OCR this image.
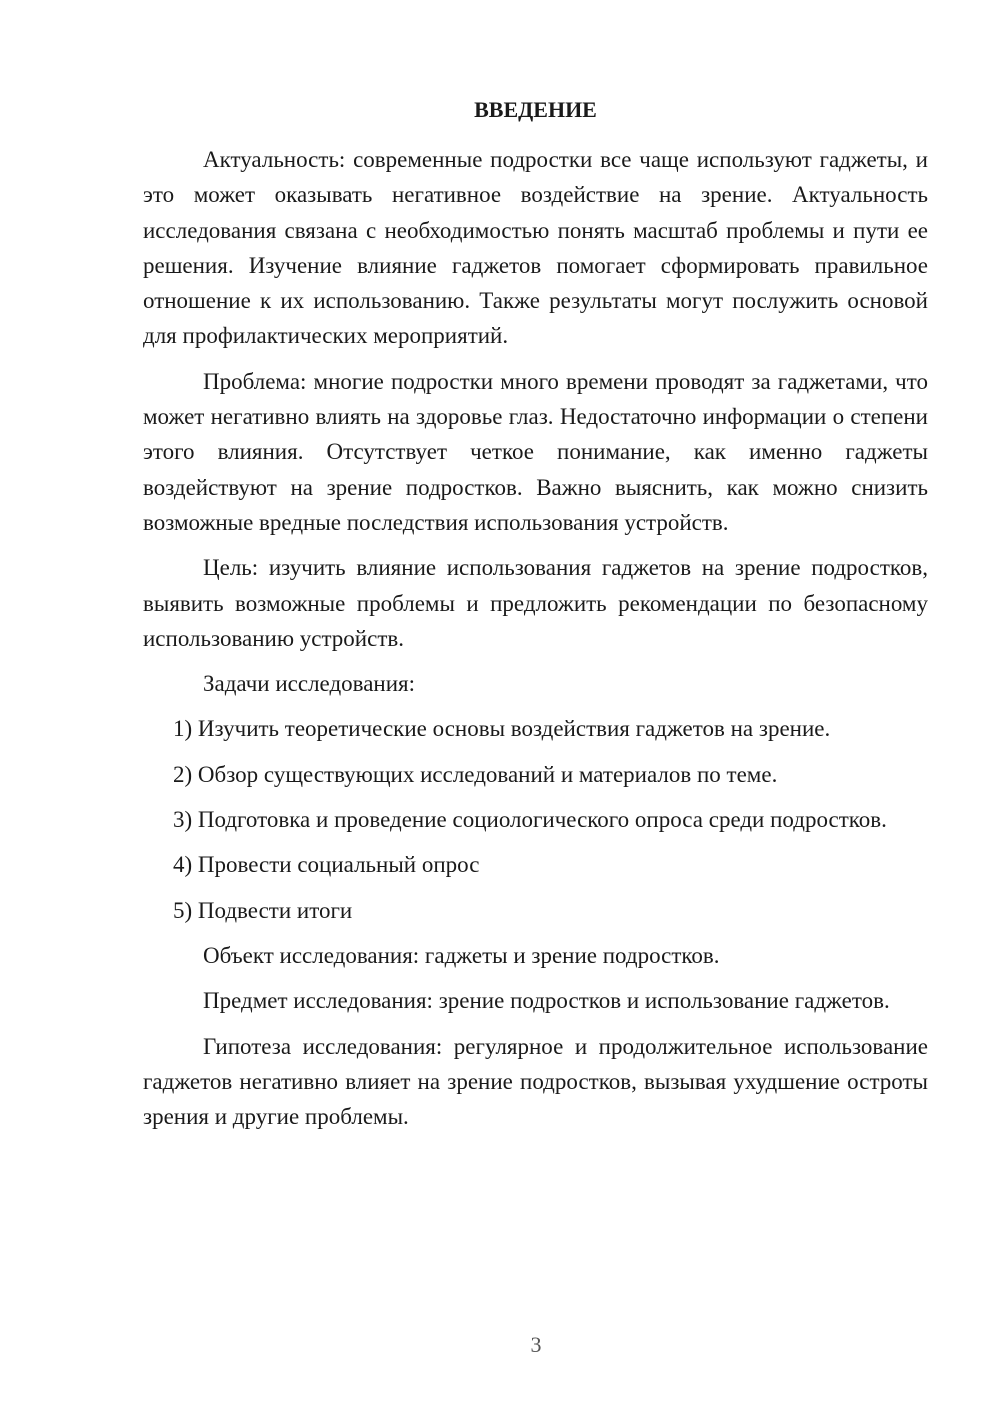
ВВЕДЕНИЕ

Актуальность: современные подростки все чаще используют гаджеты, и это может оказывать негативное воздействие на зрение. Актуальность исследования связана с необходимостью понять масштаб проблемы и пути ее решения. Изучение влияние гаджетов помогает сформировать правильное отношение к их использованию. Также результаты могут послужить основой для профилактических мероприятий.

Проблема: многие подростки много времени проводят за гаджетами, что может негативно влиять на здоровье глаз. Недостаточно информации о степени этого влияния. Отсутствует четкое понимание, как именно гаджеты воздействуют на зрение подростков. Важно выяснить, как можно снизить возможные вредные последствия использования устройств.

Цель: изучить влияние использования гаджетов на зрение подростков, выявить возможные проблемы и предложить рекомендации по безопасному использованию устройств.

Задачи исследования:

1) Изучить теоретические основы воздействия гаджетов на зрение.

2) Обзор существующих исследований и материалов по теме.

3) Подготовка и проведение социологического опроса среди подростков.

4) Провести социальный опрос

5) Подвести итоги

Объект исследования: гаджеты и зрение подростков.

Предмет исследования: зрение подростков и использование гаджетов.

Гипотеза исследования: регулярное и продолжительное использование гаджетов негативно влияет на зрение подростков, вызывая ухудшение остроты зрения и другие проблемы.

3
